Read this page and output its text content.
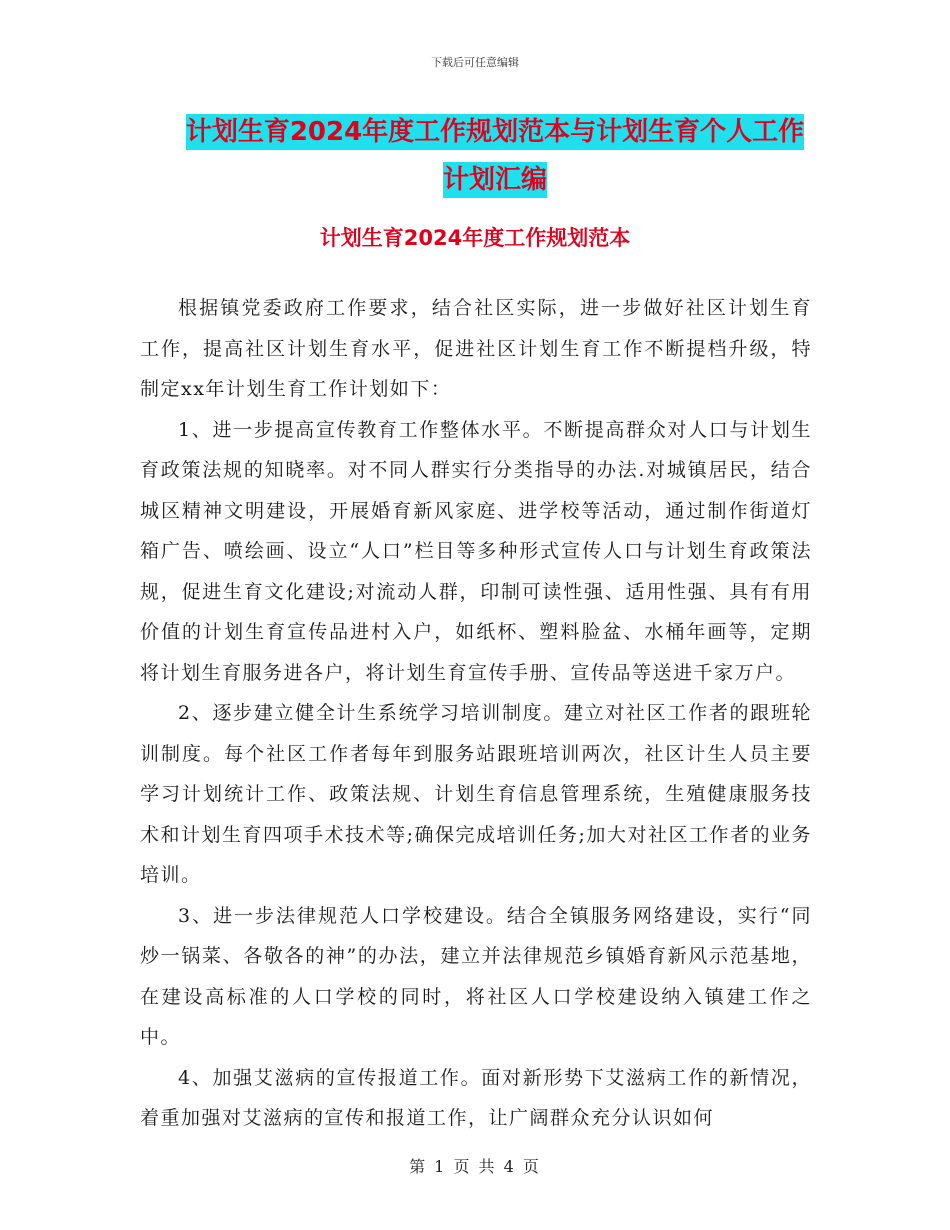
下载后可任意编辑
计划生育2024年度工作规划范本与计划生育个人工作
计划汇编
计划生育2024年度工作规划范本

根据镇党委政府工作要求，结合社区实际，进一步做好社区计划生育工作，提高社区计划生育水平，促进社区计划生育工作不断提档升级，特制定xx年计划生育工作计划如下：

1、进一步提高宣传教育工作整体水平。不断提高群众对人口与计划生育政策法规的知晓率。对不同人群实行分类指导的办法.对城镇居民，结合城区精神文明建设，开展婚育新风家庭、进学校等活动，通过制作街道灯箱广告、喷绘画、设立“人口”栏目等多种形式宣传人口与计划生育政策法规，促进生育文化建设;对流动人群，印制可读性强、适用性强、具有有用价值的计划生育宣传品进村入户，如纸杯、塑料脸盆、水桶年画等，定期将计划生育服务进各户，将计划生育宣传手册、宣传品等送进千家万户。

2、逐步建立健全计生系统学习培训制度。建立对社区工作者的跟班轮训制度。每个社区工作者每年到服务站跟班培训两次，社区计生人员主要学习计划统计工作、政策法规、计划生育信息管理系统，生殖健康服务技术和计划生育四项手术技术等;确保完成培训任务;加大对社区工作者的业务培训。

3、进一步法律规范人口学校建设。结合全镇服务网络建设，实行“同炒一锅菜、各敬各的神”的办法，建立并法律规范乡镇婚育新风示范基地，在建设高标准的人口学校的同时，将社区人口学校建设纳入镇建工作之中。

4、加强艾滋病的宣传报道工作。面对新形势下艾滋病工作的新情况，着重加强对艾滋病的宣传和报道工作，让广阔群众充分认识如何

第 1 页 共 4 页
